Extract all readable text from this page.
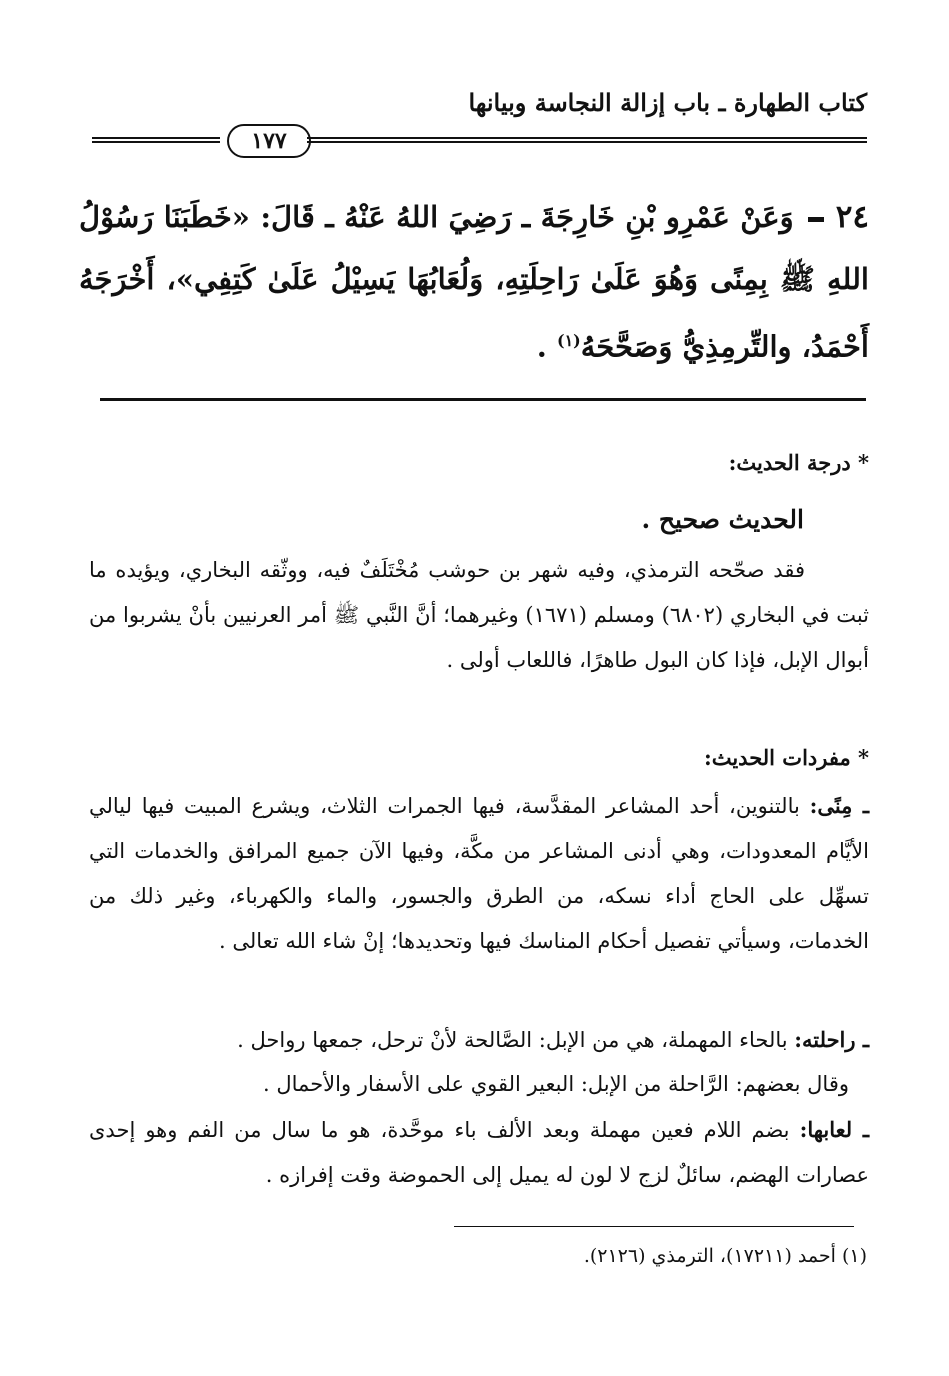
كتاب الطهارة ـ باب إزالة النجاسة وبيانها
١٧٧
٢٤وَعَنْ عَمْرِو بْنِ خَارِجَةَ ـ رَضِيَ اللهُ عَنْهُ ـ قَالَ: «خَطَبَنَا رَسُوْلُ اللهِ ﷺ بِمِنًى وَهُوَ عَلَىٰ رَاحِلَتِهِ، وَلُعَابُهَا يَسِيْلُ عَلَىٰ كَتِفِي»، أَخْرَجَهُ أَحْمَدُ، والتِّرمِذِيُّ وَصَحَّحَهُ$^{(١)}$ .
* درجة الحديث:
الحديث صحيح .
فقد صحّحه الترمذي، وفيه شهر بن حوشب مُخْتَلَفٌ فيه، ووثّقه البخاري، ويؤيده ما ثبت في البخاري (٦٨٠٢) ومسلم (١٦٧١) وغيرهما؛ أنَّ النَّبي ﷺ أمر العرنيين بأنْ يشربوا من أبوال الإبل، فإذا كان البول طاهرًا، فاللعاب أولى .
* مفردات الحديث:
ـ مِنًى: بالتنوين، أحد المشاعر المقدَّسة، فيها الجمرات الثلاث، ويشرع المبيت فيها ليالي الأيَّام المعدودات، وهي أدنى المشاعر من مكَّة، وفيها الآن جميع المرافق والخدمات التي تسهِّل على الحاج أداء نسكه، من الطرق والجسور، والماء والكهرباء، وغير ذلك من الخدمات، وسيأتي تفصيل أحكام المناسك فيها وتحديدها؛ إنْ شاء الله تعالى .
ـ راحلته: بالحاء المهملة، هي من الإبل: الصَّالحة لأنْ ترحل، جمعها رواحل .
وقال بعضهم: الرَّاحلة من الإبل: البعير القوي على الأسفار والأحمال .
ـ لعابها: بضم اللام فعين مهملة وبعد الألف باء موحَّدة، هو ما سال من الفم وهو إحدى عصارات الهضم، سائلٌ لزج لا لون له يميل إلى الحموضة وقت إفرازه .
(١) أحمد (١٧٢١١)، الترمذي (٢١٢٦).
